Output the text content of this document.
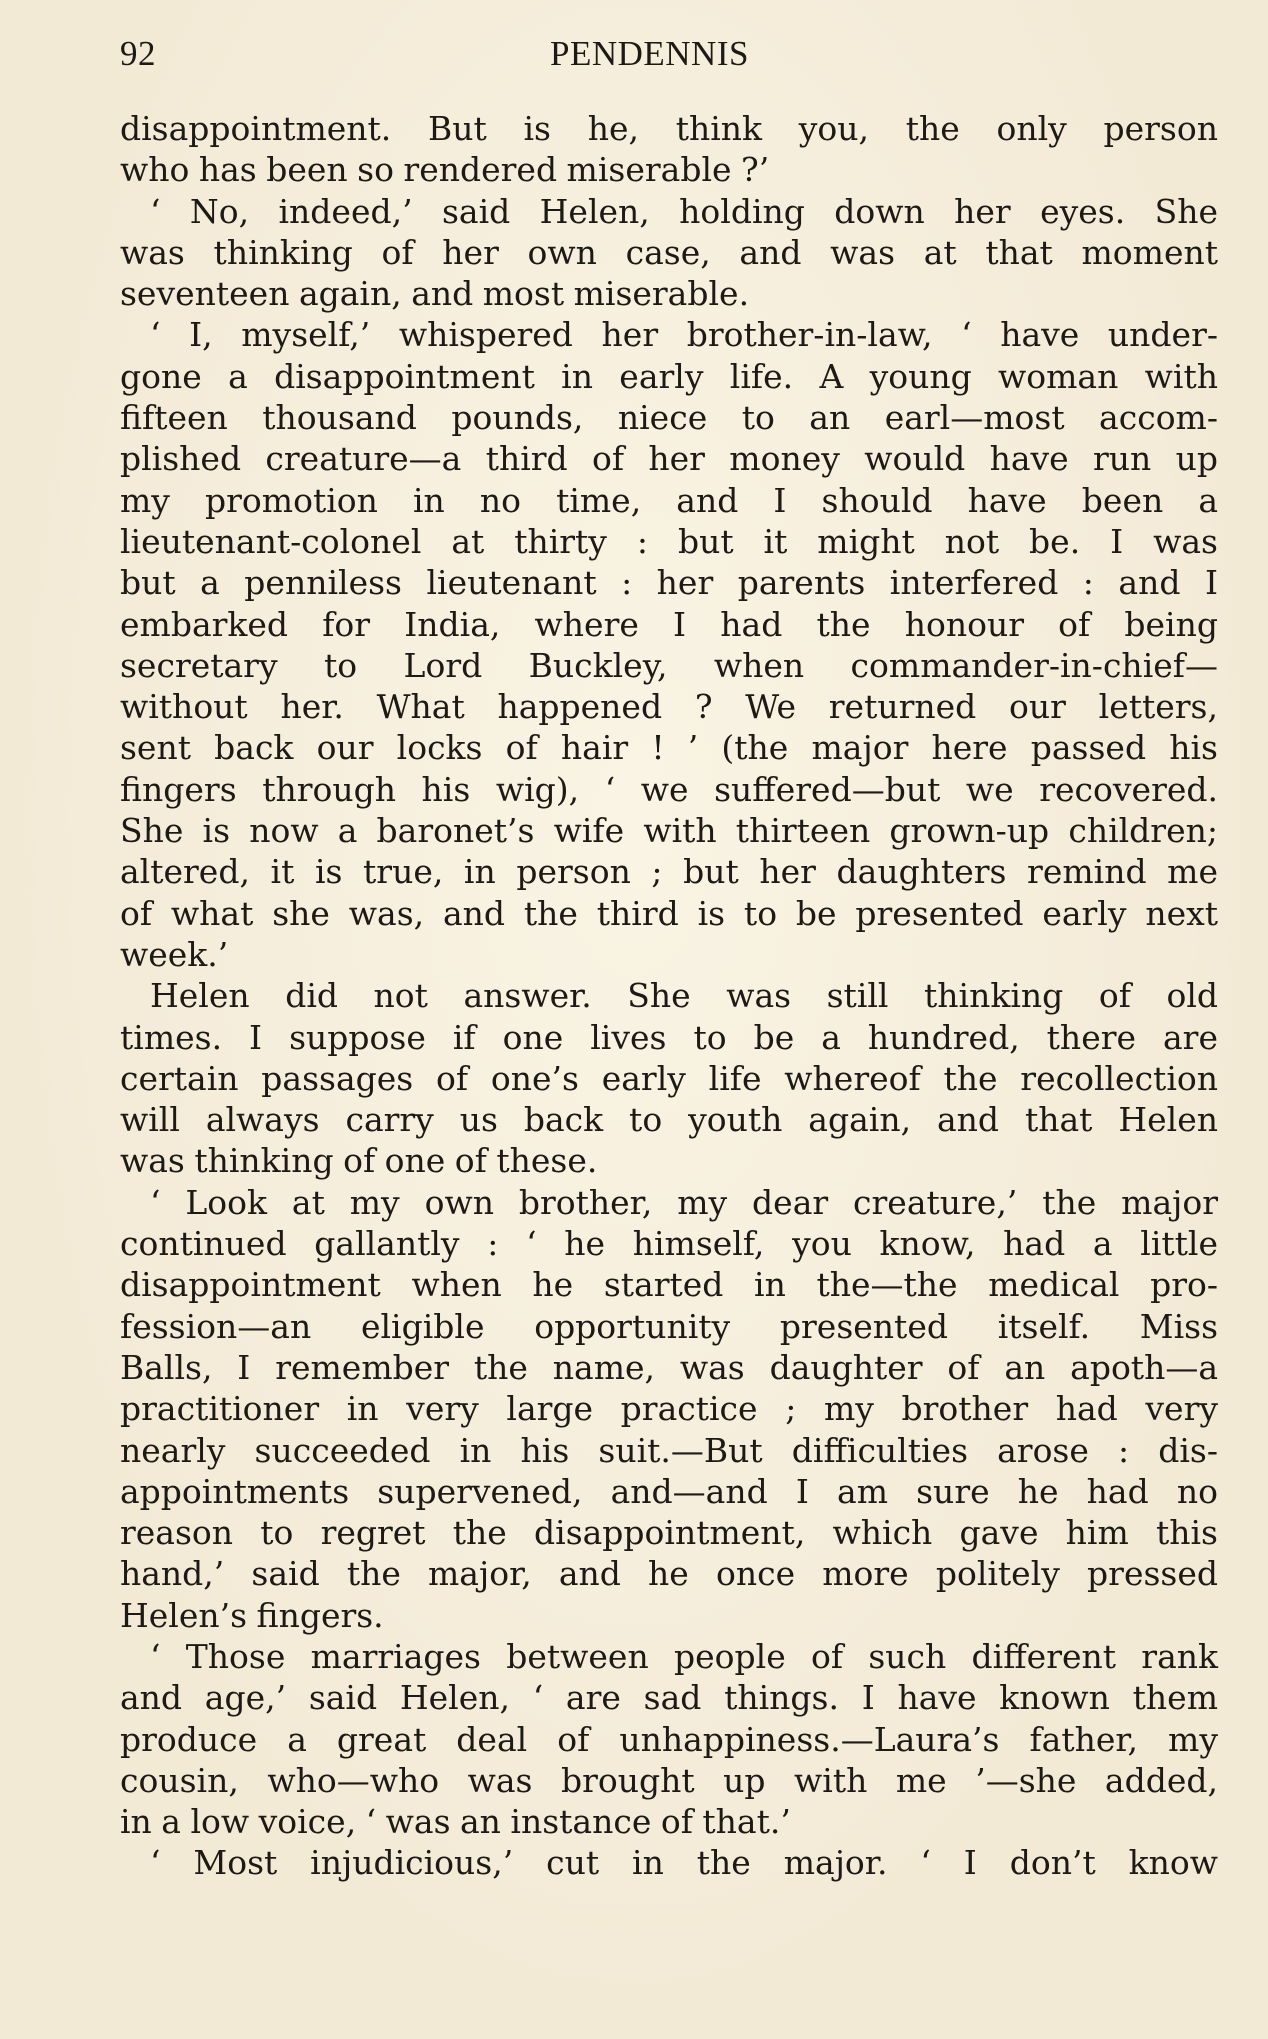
92	PENDENNIS
disappointment. But is he, think you, the only person
who has been so rendered miserable ?’
‘ No, indeed,’ said Helen, holding down her eyes. She
was thinking of her own case, and was at that moment
seventeen again, and most miserable.
‘ I, myself,’ whispered her brother-in-law, ‘ have under-
gone a disappointment in early life. A young woman with
fifteen thousand pounds, niece to an earl—most accom-
plished creature—a third of her money would have run up
my promotion in no time, and I should have been a
lieutenant-colonel at thirty : but it might not be. I was
but a penniless lieutenant : her parents interfered : and I
embarked for India, where I had the honour of being
secretary to Lord Buckley, when commander-in-chief—
without her. What happened ? We returned our letters,
sent back our locks of hair ! ’ (the major here passed his
fingers through his wig), ‘ we suffered—but we recovered.
She is now a baronet’s wife with thirteen grown-up children;
altered, it is true, in person ; but her daughters remind me
of what she was, and the third is to be presented early next
week.’
Helen did not answer. She was still thinking of old
times. I suppose if one lives to be a hundred, there are
certain passages of one’s early life whereof the recollection
will always carry us back to youth again, and that Helen
was thinking of one of these.
‘ Look at my own brother, my dear creature,’ the major
continued gallantly : ‘ he himself, you know, had a little
disappointment when he started in the—the medical pro-
fession—an eligible opportunity presented itself. Miss
Balls, I remember the name, was daughter of an apoth—a
practitioner in very large practice ; my brother had very
nearly succeeded in his suit.—But difficulties arose : dis-
appointments supervened, and—and I am sure he had no
reason to regret the disappointment, which gave him this
hand,’ said the major, and he once more politely pressed
Helen’s fingers.
‘ Those marriages between people of such different rank
and age,’ said Helen, ‘ are sad things. I have known them
produce a great deal of unhappiness.—Laura’s father, my
cousin, who—who was brought up with me ’—she added,
in a low voice, ‘ was an instance of that.’
‘ Most injudicious,’ cut in the major. ‘ I don’t know
